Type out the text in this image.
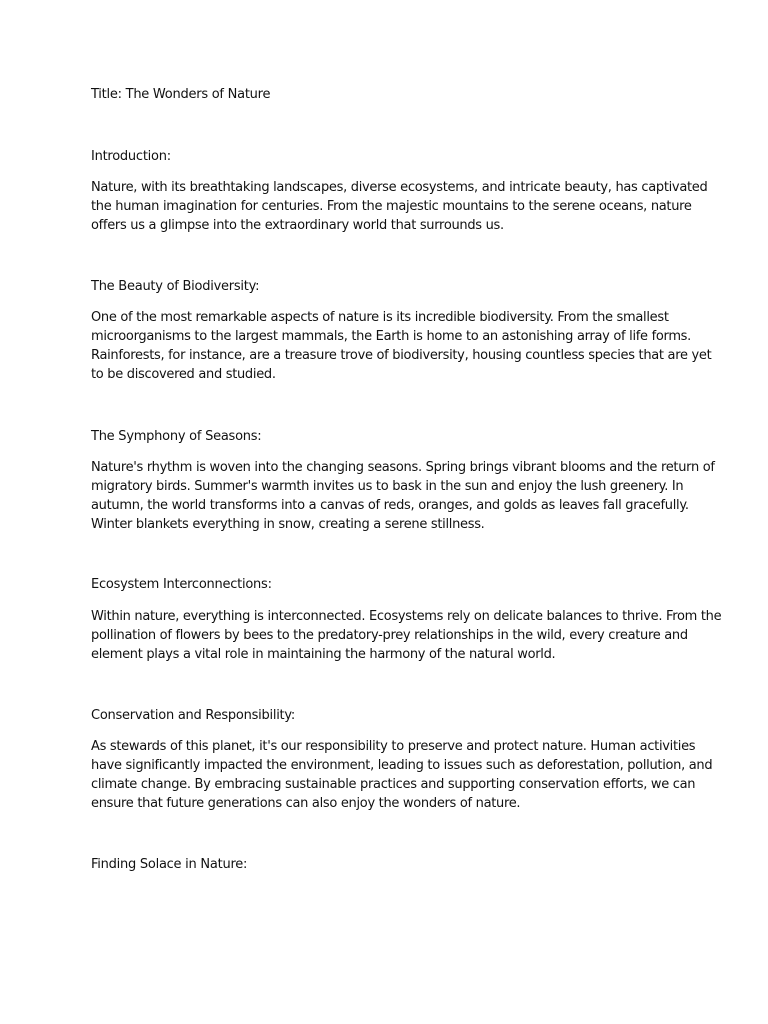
Title: The Wonders of Nature
Introduction:
Nature, with its breathtaking landscapes, diverse ecosystems, and intricate beauty, has captivated
the human imagination for centuries. From the majestic mountains to the serene oceans, nature
offers us a glimpse into the extraordinary world that surrounds us.
The Beauty of Biodiversity:
One of the most remarkable aspects of nature is its incredible biodiversity. From the smallest
microorganisms to the largest mammals, the Earth is home to an astonishing array of life forms.
Rainforests, for instance, are a treasure trove of biodiversity, housing countless species that are yet
to be discovered and studied.
The Symphony of Seasons:
Nature's rhythm is woven into the changing seasons. Spring brings vibrant blooms and the return of
migratory birds. Summer's warmth invites us to bask in the sun and enjoy the lush greenery. In
autumn, the world transforms into a canvas of reds, oranges, and golds as leaves fall gracefully.
Winter blankets everything in snow, creating a serene stillness.
Ecosystem Interconnections:
Within nature, everything is interconnected. Ecosystems rely on delicate balances to thrive. From the
pollination of flowers by bees to the predatory-prey relationships in the wild, every creature and
element plays a vital role in maintaining the harmony of the natural world.
Conservation and Responsibility:
As stewards of this planet, it's our responsibility to preserve and protect nature. Human activities
have significantly impacted the environment, leading to issues such as deforestation, pollution, and
climate change. By embracing sustainable practices and supporting conservation efforts, we can
ensure that future generations can also enjoy the wonders of nature.
Finding Solace in Nature:
